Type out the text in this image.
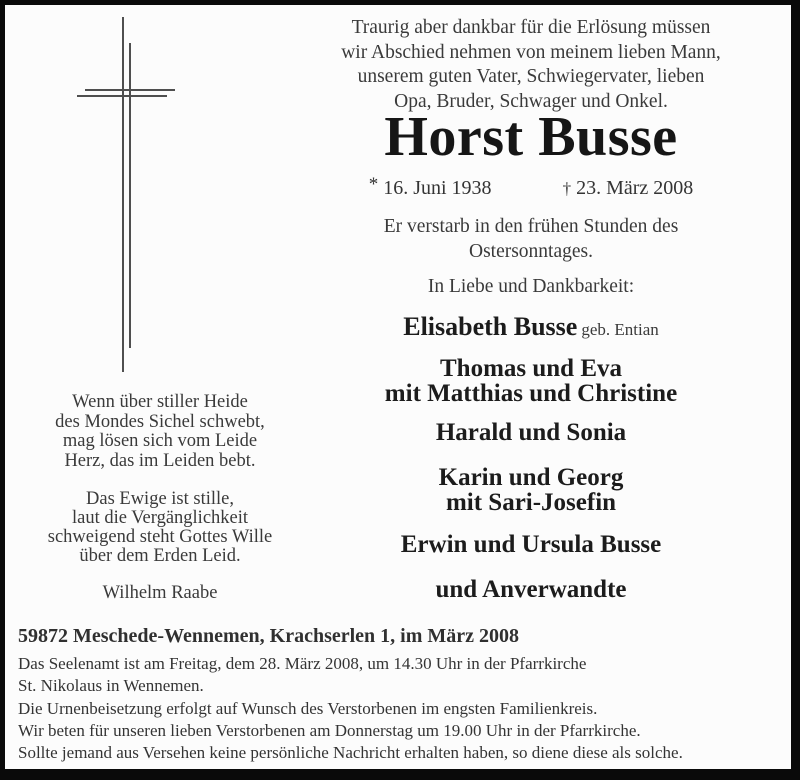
Wenn über stiller Heide
des Mondes Sichel schwebt,
mag lösen sich vom Leide
Herz, das im Leiden bebt.
Das Ewige ist stille,
laut die Vergänglichkeit
schweigend steht Gottes Wille
über dem Erden Leid.
Wilhelm Raabe
Traurig aber dankbar für die Erlösung müssen
wir Abschied nehmen von meinem lieben Mann,
unserem guten Vater, Schwiegervater, lieben
Opa, Bruder, Schwager und Onkel.
Horst Busse
* 16. Juni 1938	† 23. März 2008
Er verstarb in den frühen Stunden des
Ostersonntages.
In Liebe und Dankbarkeit:
Elisabeth Busse geb. Entian
Thomas und Eva
mit Matthias und Christine
Harald und Sonia
Karin und Georg
mit Sari-Josefin
Erwin und Ursula Busse
und Anverwandte
59872 Meschede-Wennemen, Krachserlen 1, im März 2008
Das Seelenamt ist am Freitag, dem 28. März 2008, um 14.30 Uhr in der Pfarrkirche
St. Nikolaus in Wennemen.
Die Urnenbeisetzung erfolgt auf Wunsch des Verstorbenen im engsten Familienkreis.
Wir beten für unseren lieben Verstorbenen am Donnerstag um 19.00 Uhr in der Pfarrkirche.
Sollte jemand aus Versehen keine persönliche Nachricht erhalten haben, so diene diese als solche.
